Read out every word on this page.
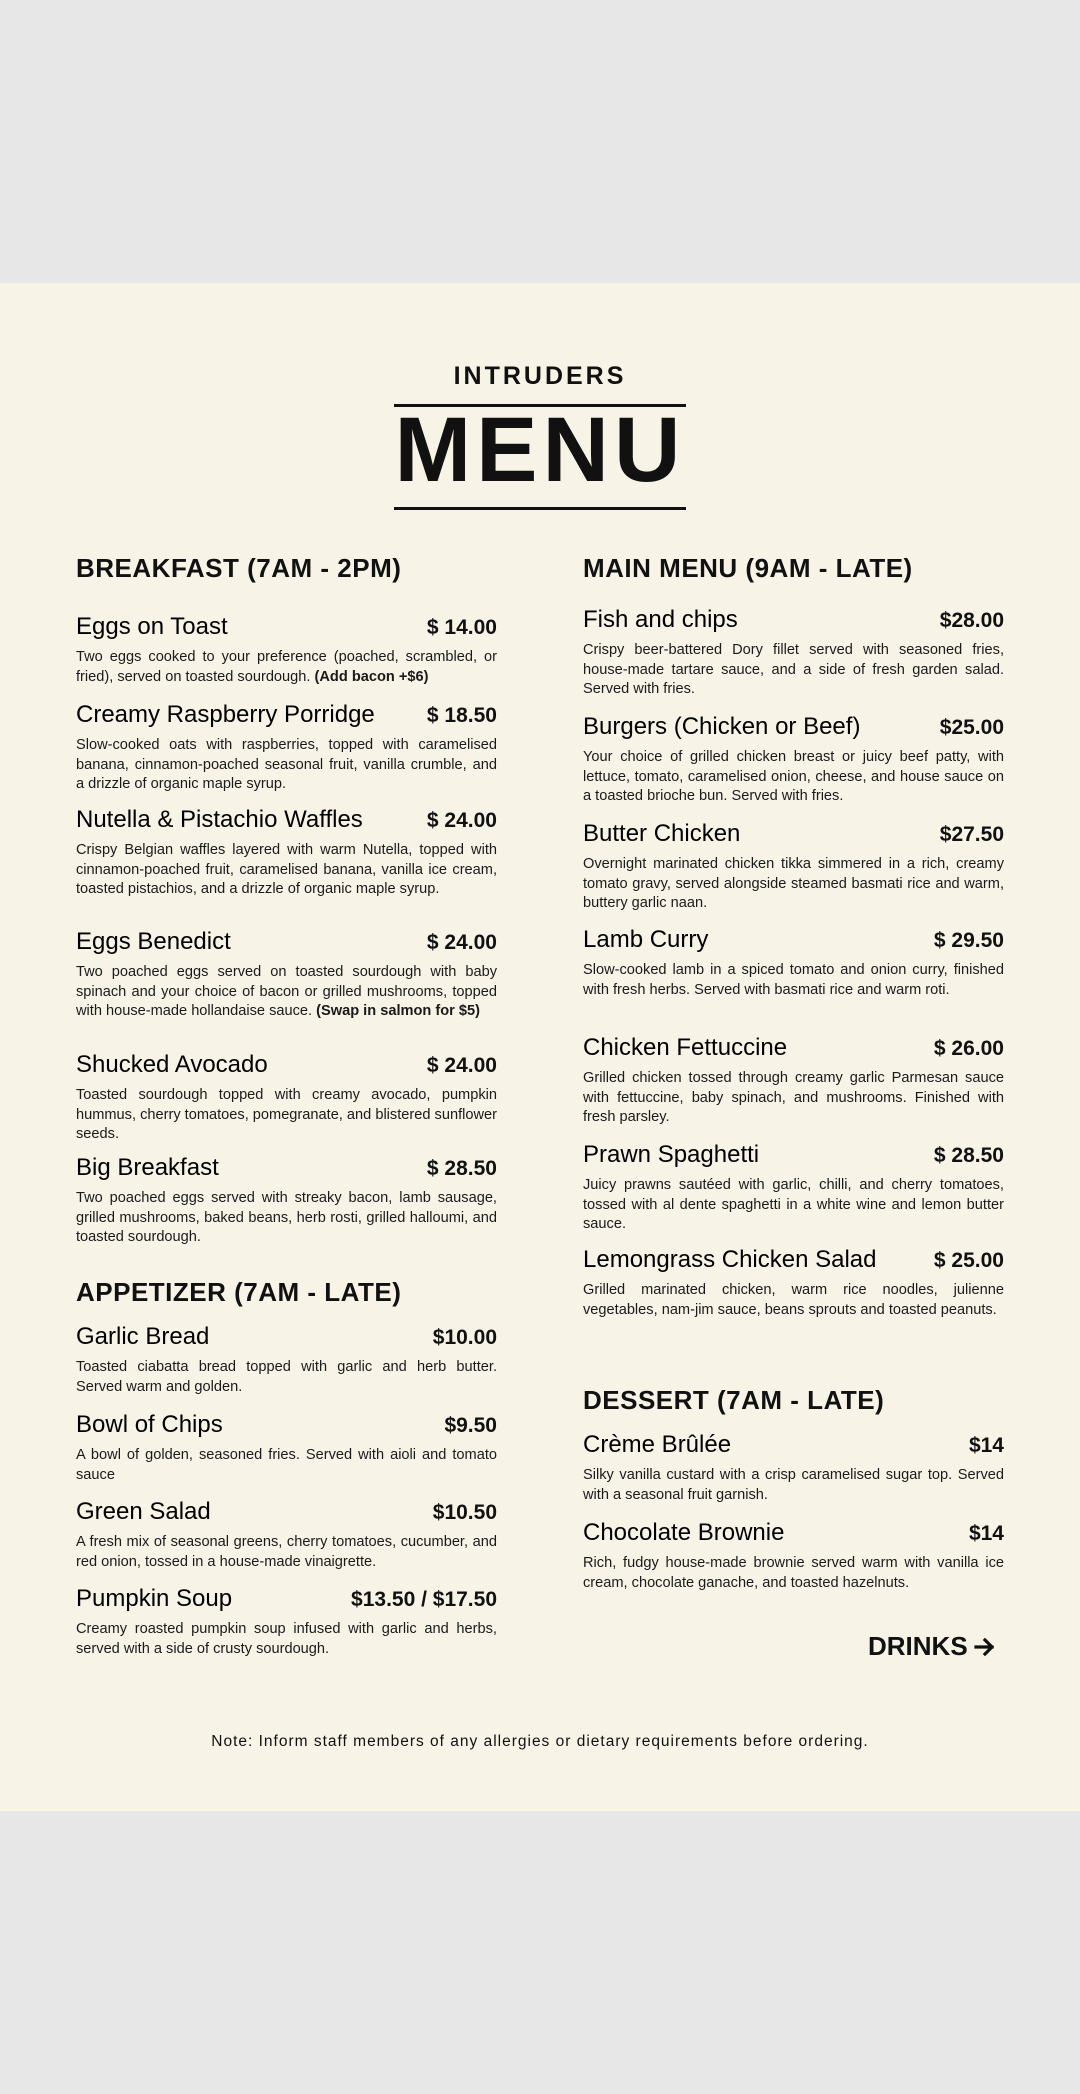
INTRUDERS
MENU
BREAKFAST (7AM - 2PM)
Eggs on Toast	$ 14.00
Two eggs cooked to your preference (poached, scrambled, or fried), served on toasted sourdough. (Add bacon +$6)
Creamy Raspberry Porridge $ 18.50
Slow-cooked oats with raspberries, topped with caramelised banana, cinnamon-poached seasonal fruit, vanilla crumble, and a drizzle of organic maple syrup.
Nutella & Pistachio Waffles	$ 24.00
Crispy Belgian waffles layered with warm Nutella, topped with cinnamon-poached fruit, caramelised banana, vanilla ice cream, toasted pistachios, and a drizzle of organic maple syrup.
Eggs Benedict	$ 24.00
Two poached eggs served on toasted sourdough with baby spinach and your choice of bacon or grilled mushrooms, topped with house-made hollandaise sauce. (Swap in salmon for $5)
Shucked Avocado	$ 24.00
Toasted sourdough topped with creamy avocado, pumpkin hummus, cherry tomatoes, pomegranate, and blistered sunflower seeds.
Big Breakfast	$ 28.50
Two poached eggs served with streaky bacon, lamb sausage, grilled mushrooms, baked beans, herb rosti, grilled halloumi, and toasted sourdough.
APPETIZER (7AM - LATE)
Garlic Bread	$10.00
Toasted ciabatta bread topped with garlic and herb butter. Served warm and golden.
Bowl of Chips	$9.50
A bowl of golden, seasoned fries. Served with aioli and tomato sauce
Green Salad	$10.50
A fresh mix of seasonal greens, cherry tomatoes, cucumber, and red onion, tossed in a house-made vinaigrette.
Pumpkin Soup	$13.50 / $17.50
Creamy roasted pumpkin soup infused with garlic and herbs, served with a side of crusty sourdough.
MAIN MENU (9AM - LATE)
Fish and chips	$28.00
Crispy beer-battered Dory fillet served with seasoned fries, house-made tartare sauce, and a side of fresh garden salad. Served with fries.
Burgers (Chicken or Beef)	$25.00
Your choice of grilled chicken breast or juicy beef patty, with lettuce, tomato, caramelised onion, cheese, and house sauce on a toasted brioche bun. Served with fries.
Butter Chicken	$27.50
Overnight marinated chicken tikka simmered in a rich, creamy tomato gravy, served alongside steamed basmati rice and warm, buttery garlic naan.
Lamb Curry	$ 29.50
Slow-cooked lamb in a spiced tomato and onion curry, finished with fresh herbs. Served with basmati rice and warm roti.
Chicken Fettuccine	$ 26.00
Grilled chicken tossed through creamy garlic Parmesan sauce with fettuccine, baby spinach, and mushrooms. Finished with fresh parsley.
Prawn Spaghetti	$ 28.50
Juicy prawns sautéed with garlic, chilli, and cherry tomatoes, tossed with al dente spaghetti in a white wine and lemon butter sauce.
Lemongrass Chicken Salad	$ 25.00
Grilled marinated chicken, warm rice noodles, julienne vegetables, nam-jim sauce, beans sprouts and toasted peanuts.
DESSERT (7AM - LATE)
Crème Brûlée	$14
Silky vanilla custard with a crisp caramelised sugar top. Served with a seasonal fruit garnish.
Chocolate Brownie	$14
Rich, fudgy house-made brownie served warm with vanilla ice cream, chocolate ganache, and toasted hazelnuts.
DRINKS
Note: Inform staff members of any allergies or dietary requirements before ordering.
